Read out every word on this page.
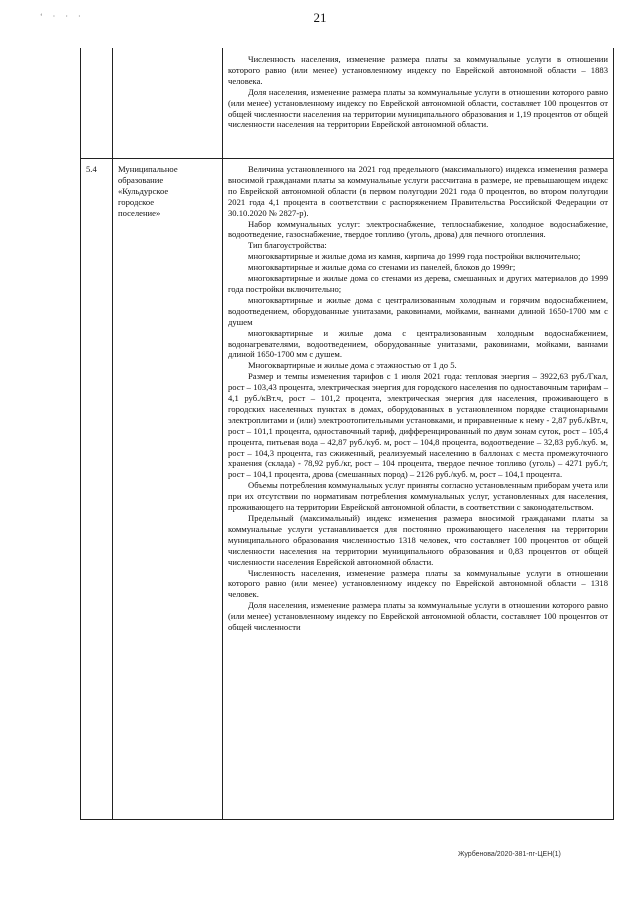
21
‘ · · ·

Численность населения, изменение размера платы за коммунальные услуги в отношении которого равно (или менее) установленному индексу по Еврейской автономной области – 1883 человека.

Доля населения, изменение размера платы за коммунальные услуги в отношении которого равно (или менее) установленному индексу по Еврейской автономной области, составляет 100 процентов от общей численности населения на территории муниципального образования и 1,19 процентов от общей численности населения на территории Еврейской автономной области.

5.4	Муниципальное
образование
«Кульдурское
городское
поселение»

Величина установленного на 2021 год предельного (максимального) индекса изменения размера вносимой гражданами платы за коммунальные услуги рассчитана в размере, не превышающем индекс по Еврейской автономной области (в первом полугодии 2021 года 0 процентов, во втором полугодии 2021 года 4,1 процента в соответствии с распоряжением Правительства Российской Федерации от 30.10.2020 № 2827-р).

Набор коммунальных услуг: электроснабжение, теплоснабжение, холодное водоснабжение, водоотведение, газоснабжение, твердое топливо (уголь, дрова) для печного отопления.

Тип благоустройства:

многоквартирные и жилые дома из камня, кирпича до 1999 года постройки включительно;

многоквартирные и жилые дома со стенами из панелей, блоков до 1999г;

многоквартирные и жилые дома со стенами из дерева, смешанных и других материалов до 1999 года постройки включительно;

многоквартирные и жилые дома с централизованным холодным и горячим водоснабжением, водоотведением, оборудованные унитазами, раковинами, мойками, ваннами длиной 1650-1700 мм с душем

многоквартирные и жилые дома с централизованным холодным водоснабжением, водонагревателями, водоотведением, оборудованные унитазами, раковинами, мойками, ваннами длиной 1650-1700 мм с душем.

Многоквартирные и жилые дома с этажностью от 1 до 5.

Размер и темпы изменения тарифов с 1 июля 2021 года: тепловая энергия – 3922,63 руб./Гкал, рост – 103,43 процента, электрическая энергия для городского населения по одноставочным тарифам – 4,1 руб./кВт.ч, рост – 101,2 процента, электрическая энергия для населения, проживающего в городских населенных пунктах в домах, оборудованных в установленном порядке стационарными электроплитами и (или) электроотопительными установками, и приравненные к нему - 2,87 руб./кВт.ч, рост – 101,1 процента, одноставочный тариф, дифференцированный по двум зонам суток, рост – 105,4 процента, питьевая вода – 42,87 руб./куб. м, рост – 104,8 процента, водоотведение – 32,83 руб./куб. м, рост – 104,3 процента, газ сжиженный, реализуемый населению в баллонах с места промежуточного хранения (склада) - 78,92 руб./кг, рост – 104 процента, твердое печное топливо (уголь) – 4271 руб./т, рост – 104,1 процента, дрова (смешанных пород) – 2126 руб./куб. м, рост – 104,1 процента.

Объемы потребления коммунальных услуг приняты согласно установленным приборам учета или при их отсутствии по нормативам потребления коммунальных услуг, установленных для населения, проживающего на территории Еврейской автономной области, в соответствии с законодательством.

Предельный (максимальный) индекс изменения размера вносимой гражданами платы за коммунальные услуги устанавливается для постоянно проживающего населения на территории муниципального образования численностью 1318 человек, что составляет 100 процентов от общей численности населения на территории муниципального образования и 0,83 процентов от общей численности населения Еврейской автономной области.

Численность населения, изменение размера платы за коммунальные услуги в отношении которого равно (или менее) установленному индексу по Еврейской автономной области – 1318 человек.

Доля населения, изменение размера платы за коммунальные услуги в отношении которого равно (или менее) установленному индексу по Еврейской автономной области, составляет 100 процентов от общей численности

Журбенова/2020-381-пг-ЦЕН(1)
